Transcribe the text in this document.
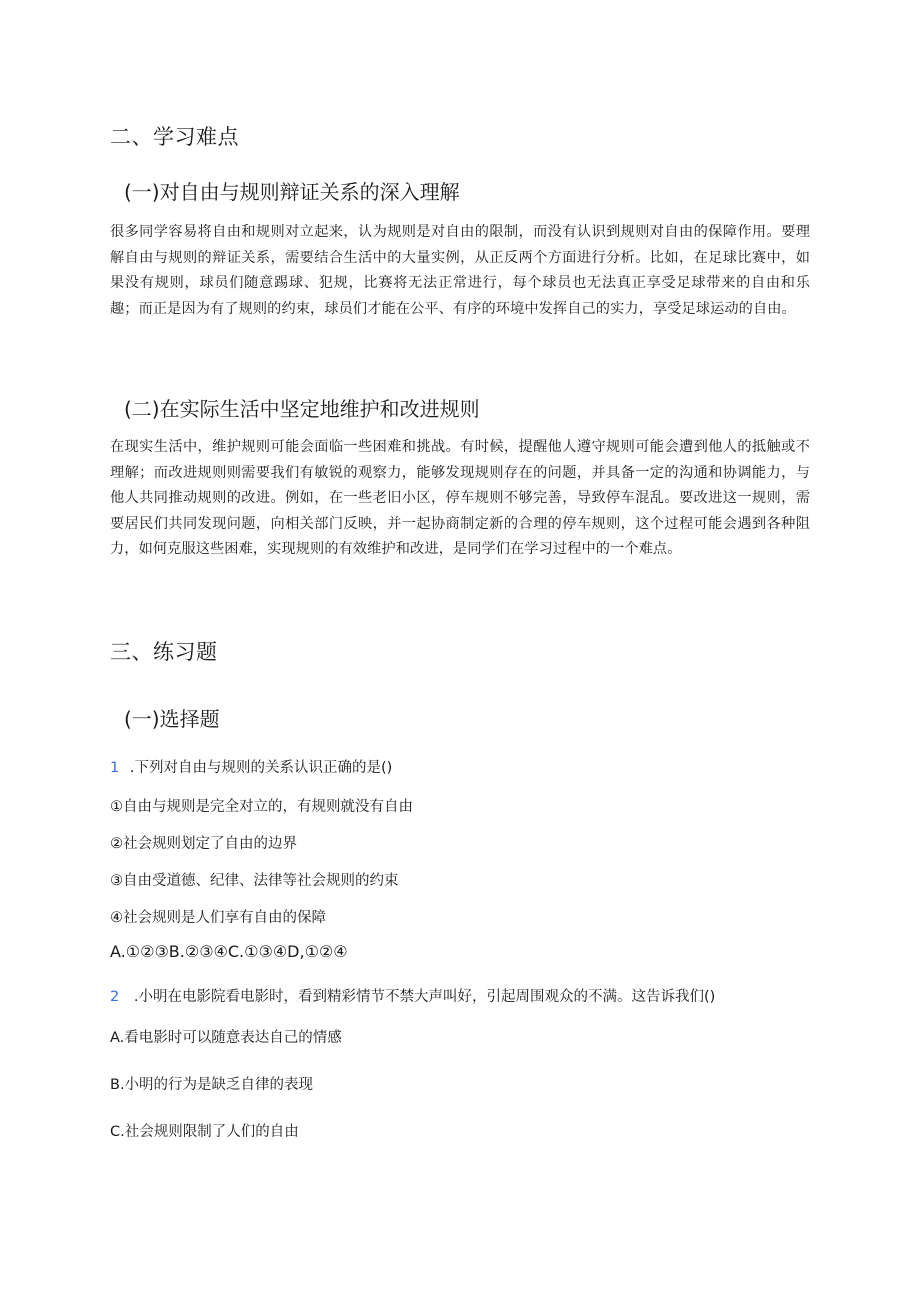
二、学习难点
(一)对自由与规则辩证关系的深入理解
很多同学容易将自由和规则对立起来，认为规则是对自由的限制，而没有认识到规则对自由的保障作用。要理解自由与规则的辩证关系，需要结合生活中的大量实例，从正反两个方面进行分析。比如，在足球比赛中，如果没有规则，球员们随意踢球、犯规，比赛将无法正常进行，每个球员也无法真正享受足球带来的自由和乐趣；而正是因为有了规则的约束，球员们才能在公平、有序的环境中发挥自己的实力，享受足球运动的自由。
(二)在实际生活中坚定地维护和改进规则
在现实生活中，维护规则可能会面临一些困难和挑战。有时候，提醒他人遵守规则可能会遭到他人的抵触或不理解；而改进规则则需要我们有敏锐的观察力，能够发现规则存在的问题，并具备一定的沟通和协调能力，与他人共同推动规则的改进。例如，在一些老旧小区，停车规则不够完善，导致停车混乱。要改进这一规则，需要居民们共同发现问题，向相关部门反映，并一起协商制定新的合理的停车规则，这个过程可能会遇到各种阻力，如何克服这些困难，实现规则的有效维护和改进，是同学们在学习过程中的一个难点。
三、练习题
(一)选择题
1 .下列对自由与规则的关系认识正确的是()
①自由与规则是完全对立的，有规则就没有自由
②社会规则划定了自由的边界
③自由受道德、纪律、法律等社会规则的约束
④社会规则是人们享有自由的保障
A.①②③B.②③④C.①③④D,①②④
2 .小明在电影院看电影时，看到精彩情节不禁大声叫好，引起周围观众的不满。这告诉我们()
A.看电影时可以随意表达自己的情感
B.小明的行为是缺乏自律的表现
C.社会规则限制了人们的自由
